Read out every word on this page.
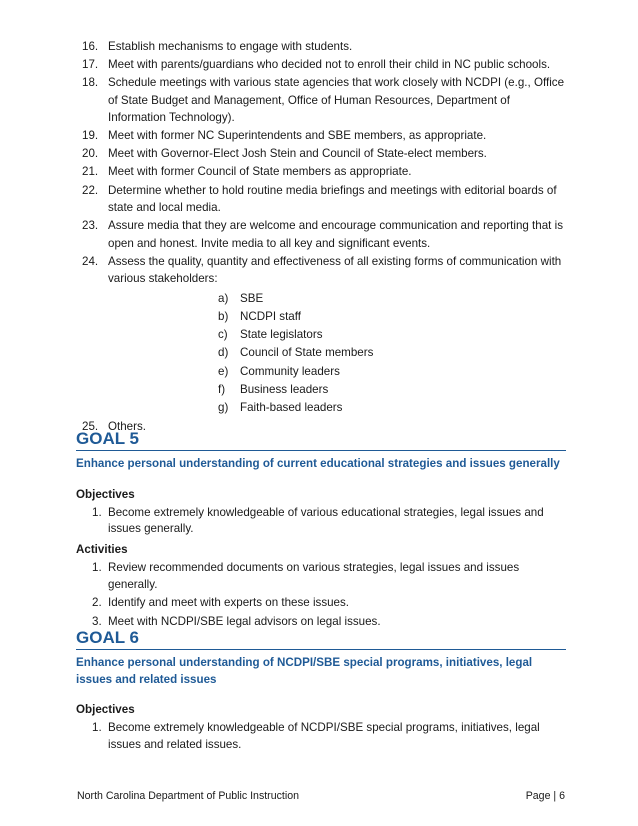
16. Establish mechanisms to engage with students.
17. Meet with parents/guardians who decided not to enroll their child in NC public schools.
18. Schedule meetings with various state agencies that work closely with NCDPI (e.g., Office of State Budget and Management, Office of Human Resources, Department of Information Technology).
19. Meet with former NC Superintendents and SBE members, as appropriate.
20. Meet with Governor-Elect Josh Stein and Council of State-elect members.
21. Meet with former Council of State members as appropriate.
22. Determine whether to hold routine media briefings and meetings with editorial boards of state and local media.
23. Assure media that they are welcome and encourage communication and reporting that is open and honest. Invite media to all key and significant events.
24. Assess the quality, quantity and effectiveness of all existing forms of communication with various stakeholders:
a) SBE
b) NCDPI staff
c) State legislators
d) Council of State members
e) Community leaders
f) Business leaders
g) Faith-based leaders
25. Others.
GOAL 5
Enhance personal understanding of current educational strategies and issues generally
Objectives
1. Become extremely knowledgeable of various educational strategies, legal issues and issues generally.
Activities
1. Review recommended documents on various strategies, legal issues and issues generally.
2. Identify and meet with experts on these issues.
3. Meet with NCDPI/SBE legal advisors on legal issues.
GOAL 6
Enhance personal understanding of NCDPI/SBE special programs, initiatives, legal issues and related issues
Objectives
1. Become extremely knowledgeable of NCDPI/SBE special programs, initiatives, legal issues and related issues.
North Carolina Department of Public Instruction	Page | 6
